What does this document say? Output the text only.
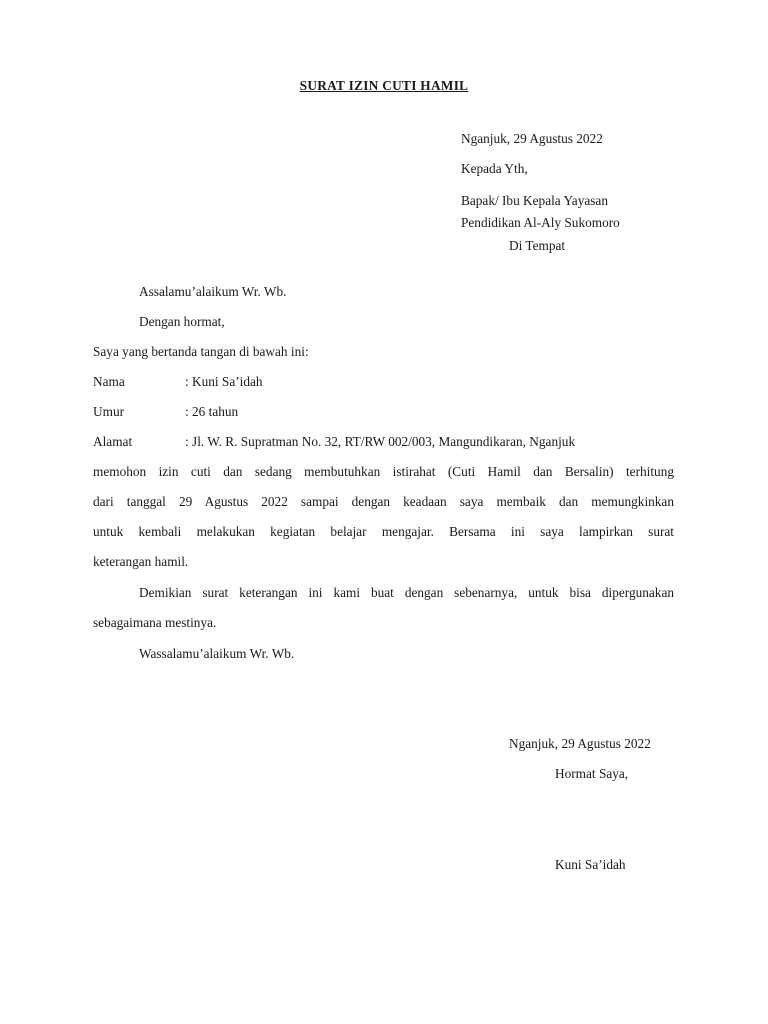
SURAT IZIN CUTI HAMIL
Nganjuk, 29 Agustus 2022
Kepada Yth,
Bapak/ Ibu Kepala Yayasan
Pendidikan Al-Aly Sukomoro
Di Tempat
Assalamu’alaikum Wr. Wb.
Dengan hormat,
Saya yang bertanda tangan di bawah ini:
Nama	: Kuni Sa’idah
Umur	: 26 tahun
Alamat	: Jl. W. R. Supratman No. 32, RT/RW 002/003, Mangundikaran, Nganjuk
memohon izin cuti dan sedang membutuhkan istirahat (Cuti Hamil dan Bersalin) terhitung
dari tanggal 29 Agustus 2022 sampai dengan keadaan saya membaik dan memungkinkan
untuk kembali melakukan kegiatan belajar mengajar. Bersama ini saya lampirkan surat
keterangan hamil.
Demikian surat keterangan ini kami buat dengan sebenarnya, untuk bisa dipergunakan
sebagaimana mestinya.
Wassalamu’alaikum Wr. Wb.
Nganjuk, 29 Agustus 2022
Hormat Saya,
Kuni Sa’idah
